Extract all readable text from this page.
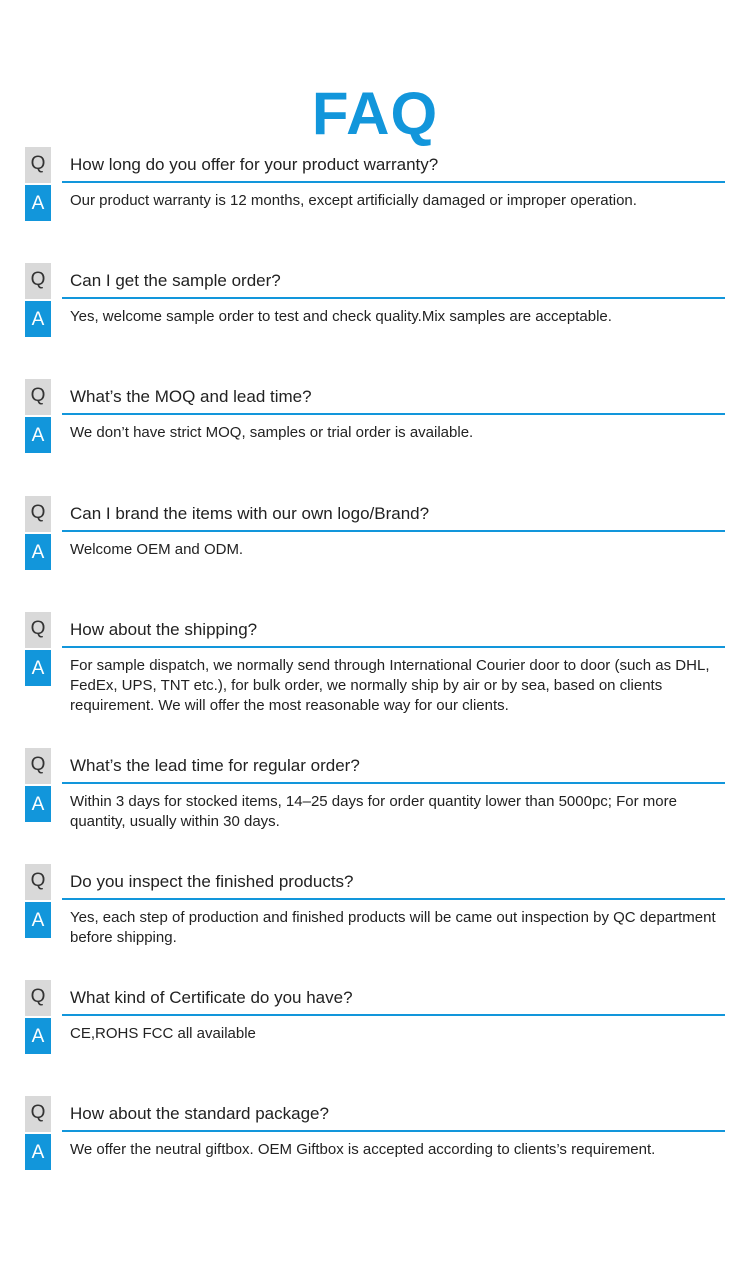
FAQ
Q	How long do you offer for your product warranty?
A	Our product warranty is 12 months, except artificially damaged or improper operation.
Q	Can I get the sample order?
A	Yes, welcome sample order to test and check quality.Mix samples are acceptable.
Q	What’s the MOQ and lead time?
A	We don’t have strict MOQ, samples or trial order is available.
Q	Can I brand the items with our own logo/Brand?
A	Welcome OEM and ODM.
Q	How about the shipping?
A	For sample dispatch, we normally send through International Courier door to door (such as DHL, FedEx, UPS, TNT etc.), for bulk order, we normally ship by air or by sea, based on clients requirement. We will offer the most reasonable way for our clients.
Q	What’s the lead time for regular order?
A	Within 3 days for stocked items, 14–25 days for order quantity lower than 5000pc; For more quantity, usually within 30 days.
Q	Do you inspect the finished products?
A	Yes, each step of production and finished products will be came out inspection by QC department before shipping.
Q	What kind of Certificate do you have?
A	CE,ROHS FCC all available
Q	How about the standard package?
A	We offer the neutral giftbox. OEM Giftbox is accepted according to clients’s requirement.
